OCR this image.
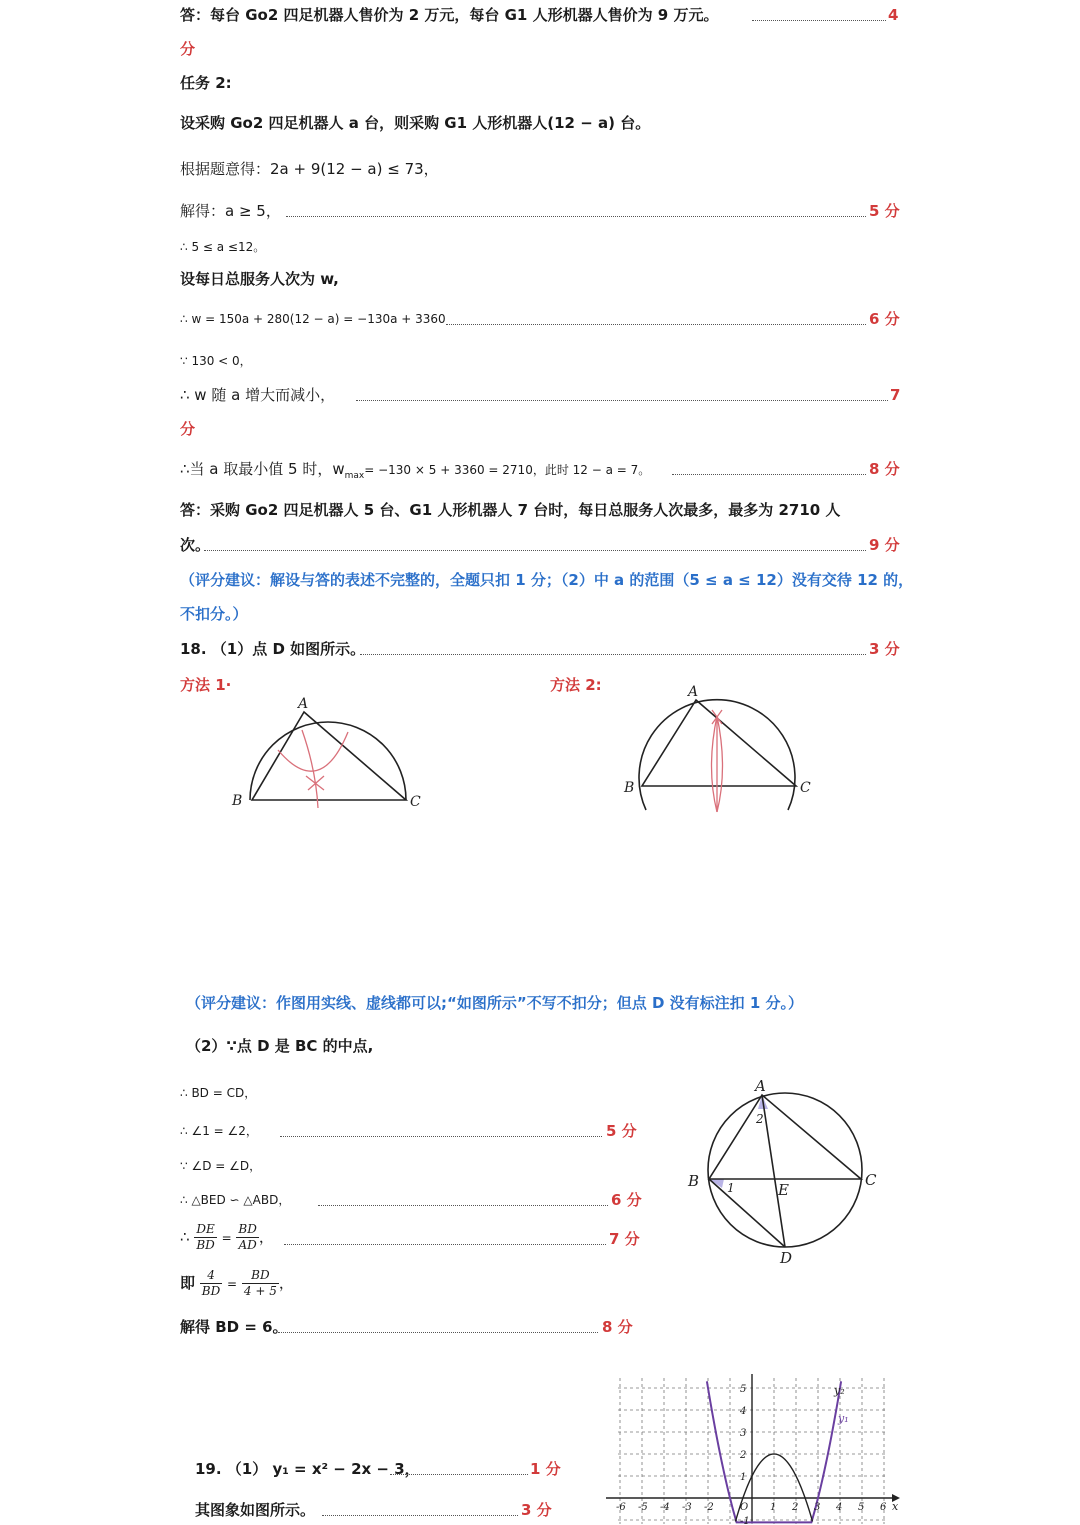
答：每台 Go2 四足机器人售价为 2 万元，每台 G1 人形机器人售价为 9 万元。	4
分
任务 2:
设采购 Go2 四足机器人 a 台，则采购 G1 人形机器人(12 − a) 台。
根据题意得：2a + 9(12 − a) ≤ 73，
解得：a ≥ 5，	5 分
∴ 5 ≤ a ≤12。
设每日总服务人次为 w,
∴ w = 150a + 280(12 − a) = −130a + 3360	6 分
∵ 130 < 0，
∴ w 随 a 增大而减小，	7
分
∴当 a 取最小值 5 时，$w_{max}= -130 \times 5 + 3360 = 2710$，此时 12 − a = 7。	8 分
答：采购 Go2 四足机器人 5 台、G1 人形机器人 7 台时，每日总服务人次最多，最多为 2710 人
次。	9 分
（评分建议：解设与答的表述不完整的，全题只扣 1 分；（2）中 a 的范围（5 ≤ a ≤ 12）没有交待 12 的，
不扣分。）
18. （1）点 D 如图所示。	3 分
方法 1·	方法 2:
A
B	C
A
B	C
（评分建议：作图用实线、虚线都可以;“如图所示”不写不扣分；但点 D 没有标注扣 1 分。）
（2）∵点 D 是 BC 的中点,
∴ BD = CD，
∴ ∠1 = ∠2，	5 分
∵ ∠D = ∠D，
∴ △BED ∽ △ABD，	6 分
∴ $\frac{DE}{BD} = \frac{BD}{AD}$ ，	7 分
即 $\frac{4}{BD} = \frac{BD}{4 + 5}$ ，
解得 BD = 6。	8 分
A
B	C
D
E
1
2
19. （1） y₁ = x² − 2x − 3，	1 分
其图象如图所示。	3 分	-6 -5 -4 -3 -2	O 1 2 3 4 5 6
5
4
3
2
1
-1
x
y₁
y₂
